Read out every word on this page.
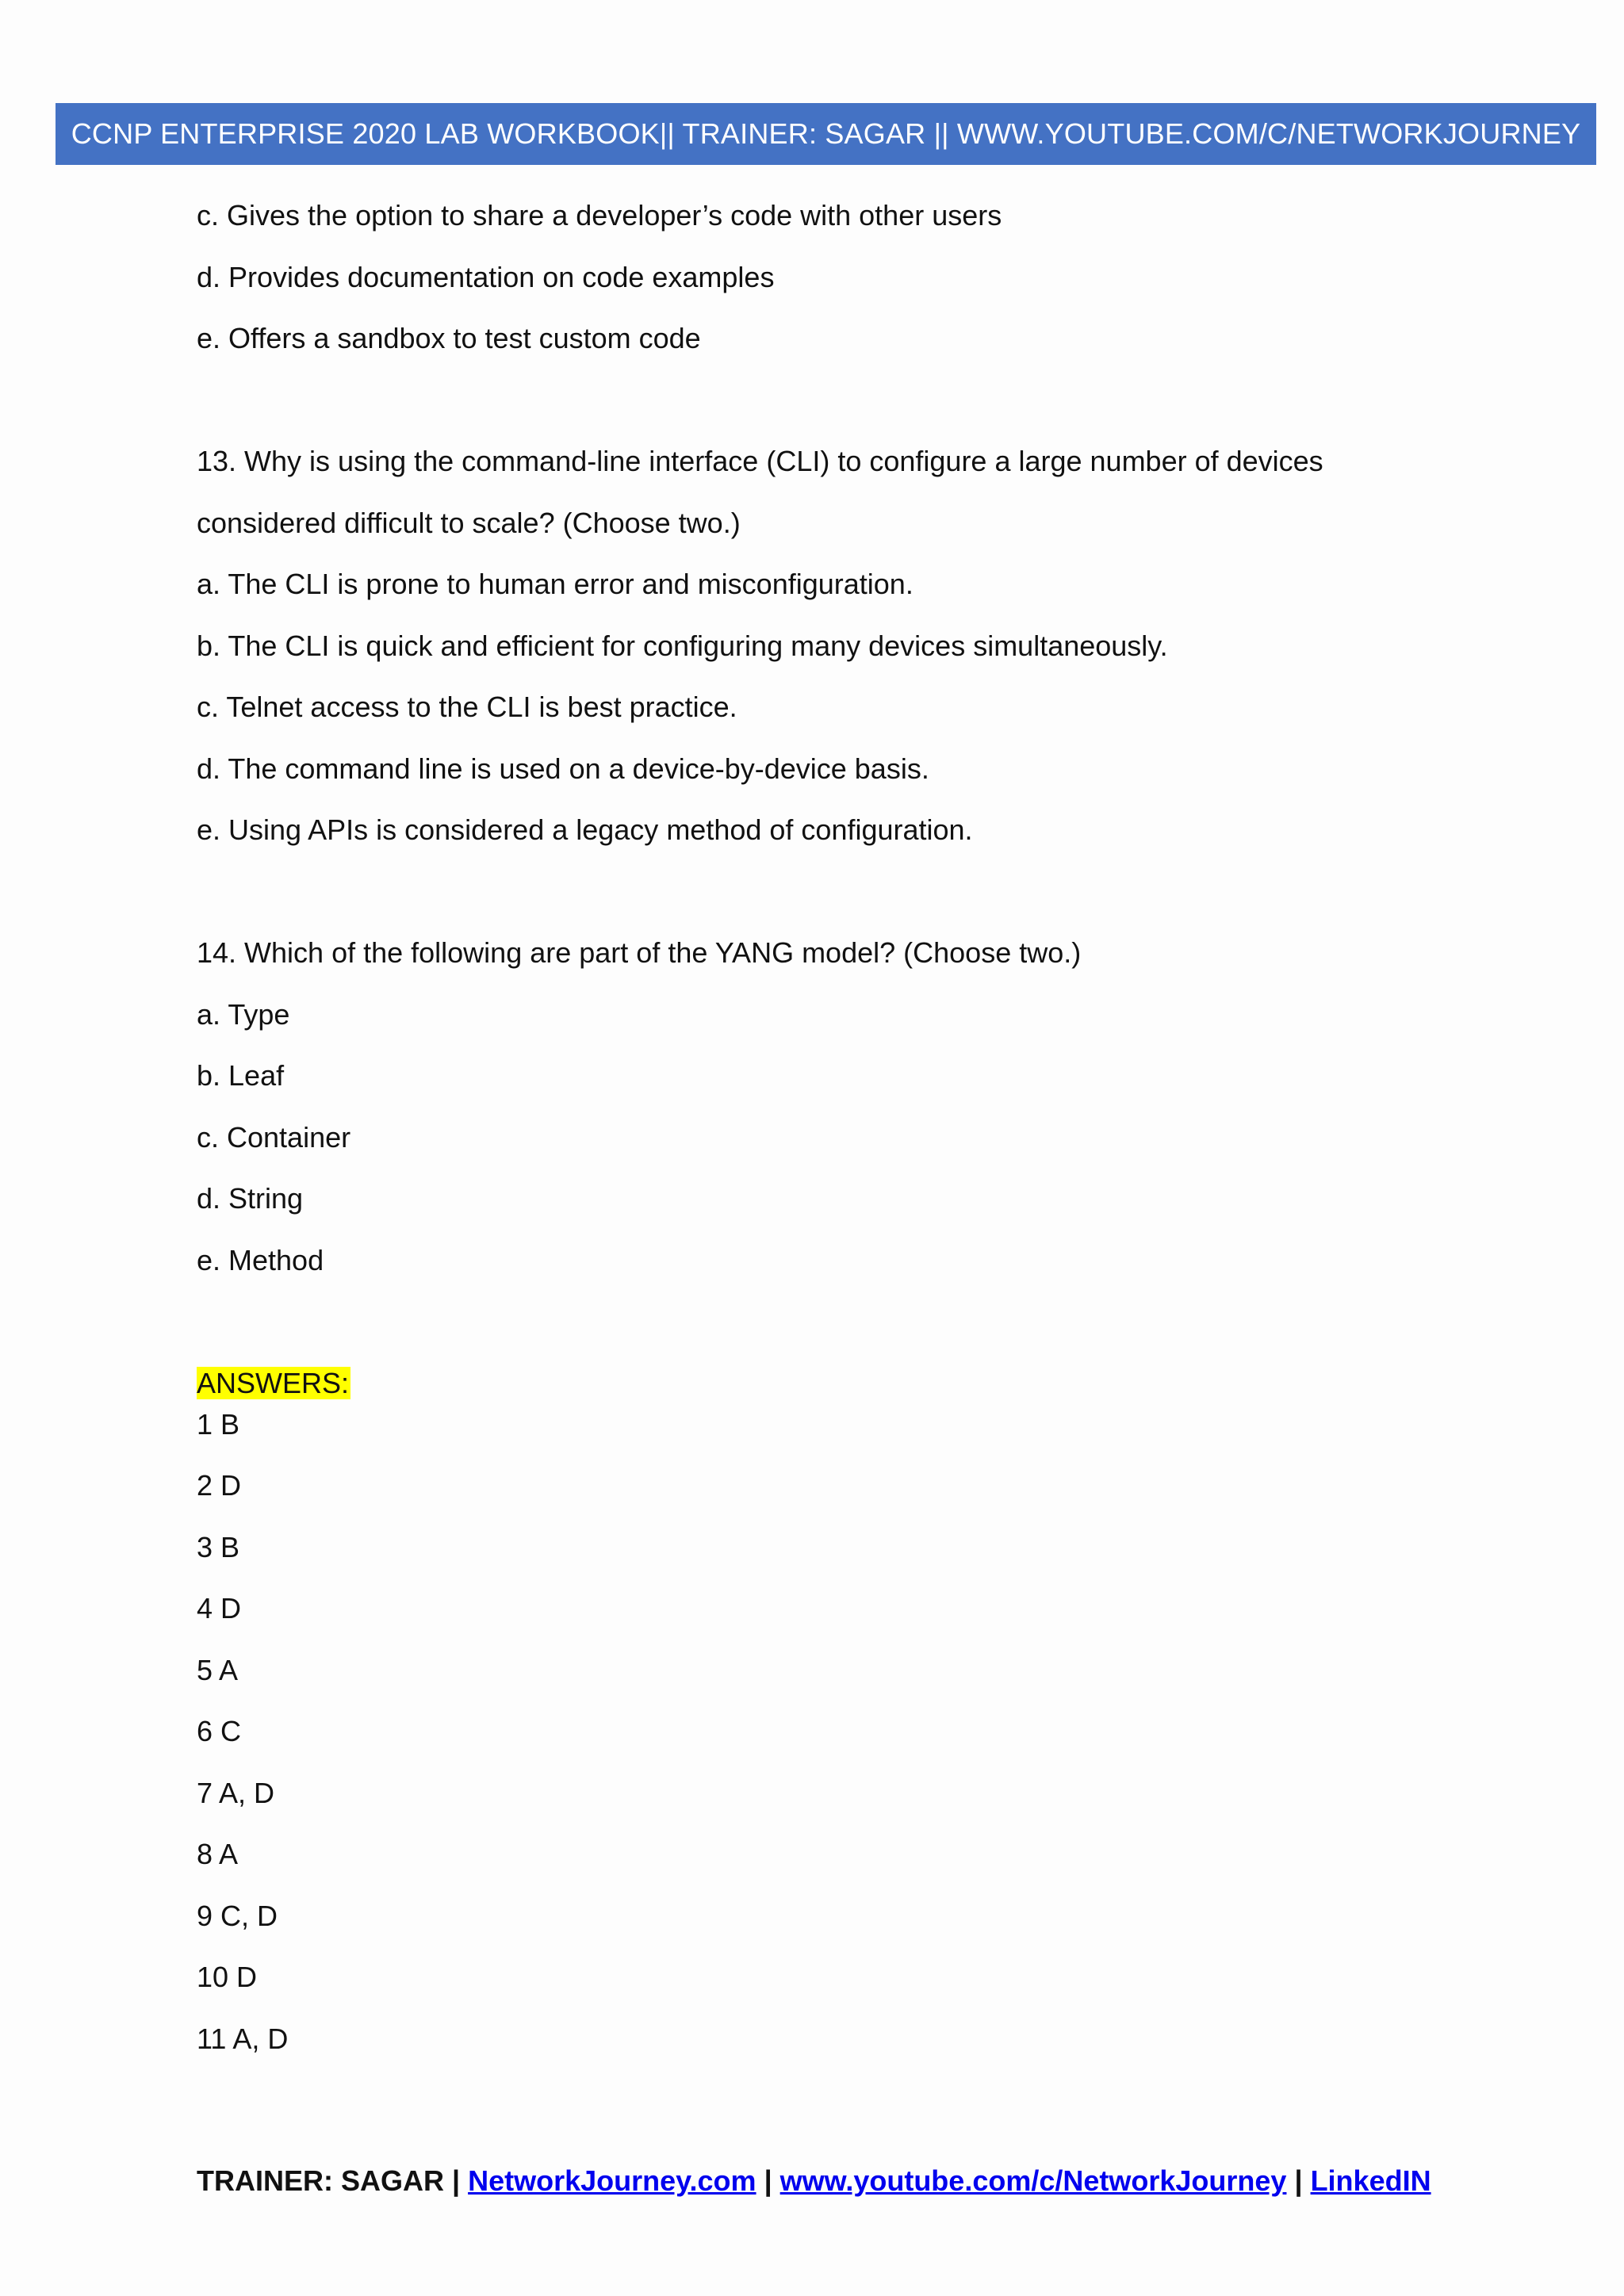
CCNP ENTERPRISE 2020 LAB WORKBOOK|| TRAINER: SAGAR || WWW.YOUTUBE.COM/C/NETWORKJOURNEY
c. Gives the option to share a developer’s code with other users
d. Provides documentation on code examples
e. Offers a sandbox to test custom code
13. Why is using the command-line interface (CLI) to configure a large number of devices
considered difficult to scale? (Choose two.)
a. The CLI is prone to human error and misconfiguration.
b. The CLI is quick and efficient for configuring many devices simultaneously.
c. Telnet access to the CLI is best practice.
d. The command line is used on a device-by-device basis.
e. Using APIs is considered a legacy method of configuration.
14. Which of the following are part of the YANG model? (Choose two.)
a. Type
b. Leaf
c. Container
d. String
e. Method
ANSWERS:
1 B
2 D
3 B
4 D
5 A
6 C
7 A, D
8 A
9 C, D
10 D
11 A, D
TRAINER: SAGAR | NetworkJourney.com | www.youtube.com/c/NetworkJourney | LinkedIN
